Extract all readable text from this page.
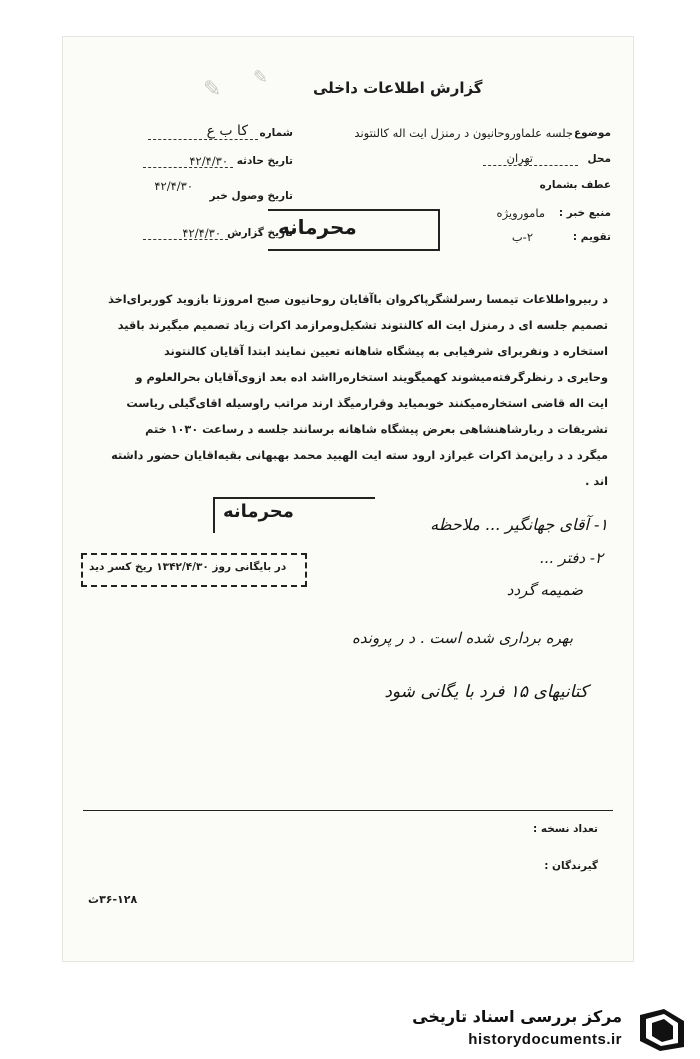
✎ ✎	گزارش اطلاعات داخلی
موضوع
جلسه علماوروحانیون د رمنزل ایت اله کالنتوند
محل
تهران
عطف بشماره
منبع خبر :
مامورویژه
تقویم :
۲-ب
شماره
کا ب ع
تاریخ حادثه
۴۲/۴/۳۰
تاریخ وصول خبر
۴۲/۴/۳۰
تاریخ گزارش
۴۲/۴/۳۰	محرمانه
د ربیرواطلاعات تیمسا رسرلشگرپاکروان باآقایان روحانیون صبح امروزتا بازوید کوربرای‌اخذ
تصمیم جلسه ای د رمنزل ایت اله کالنتوند تشکیل‌ومرازمد اکرات زیاد تصمیم میگیرند باقید
استخاره د ونفربرای شرفیابی به پیشگاه شاهانه تعیین نمایند ابتدا آقایان کالنتوند
وحایری د رنظرگرفته‌میشوند کهمیگویند استخاره‌رااشد اده بعد ازوی‌آقایان بحرالعلوم و
ایت اله قاضی استخاره‌میکنند خوبمیاید وقرارمیگذ ارند مراتب راوسیله اقای‌گیلی ریاست
تشریفات د ربارشاهنشاهی بعرض پیشگاه شاهانه برسانند جلسه د رساعت ۱۰۳۰ ختم
میگرد د د راین‌مذ اکرات غیرازد ارود سته ایت الهبید محمد بهبهانی بقیه‌اقایان حضور داشته
اند .
محرمانه
۱- آقای جهانگیر ... ملاحظه
۲- دفتر ...
ضمیمه گردد
در بایگانی روز ۱۳۴۲/۴/۳۰ ریخ کسر دید
بهره برداری شده است . د ر پرونده
کتانیهای ۱۵ فرد با یگانی شود
تعداد نسخه :
گیرندگان :
۳۶-۱۲۸ث
مرکز بررسی اسناد تاریخی
historydocuments.ir
